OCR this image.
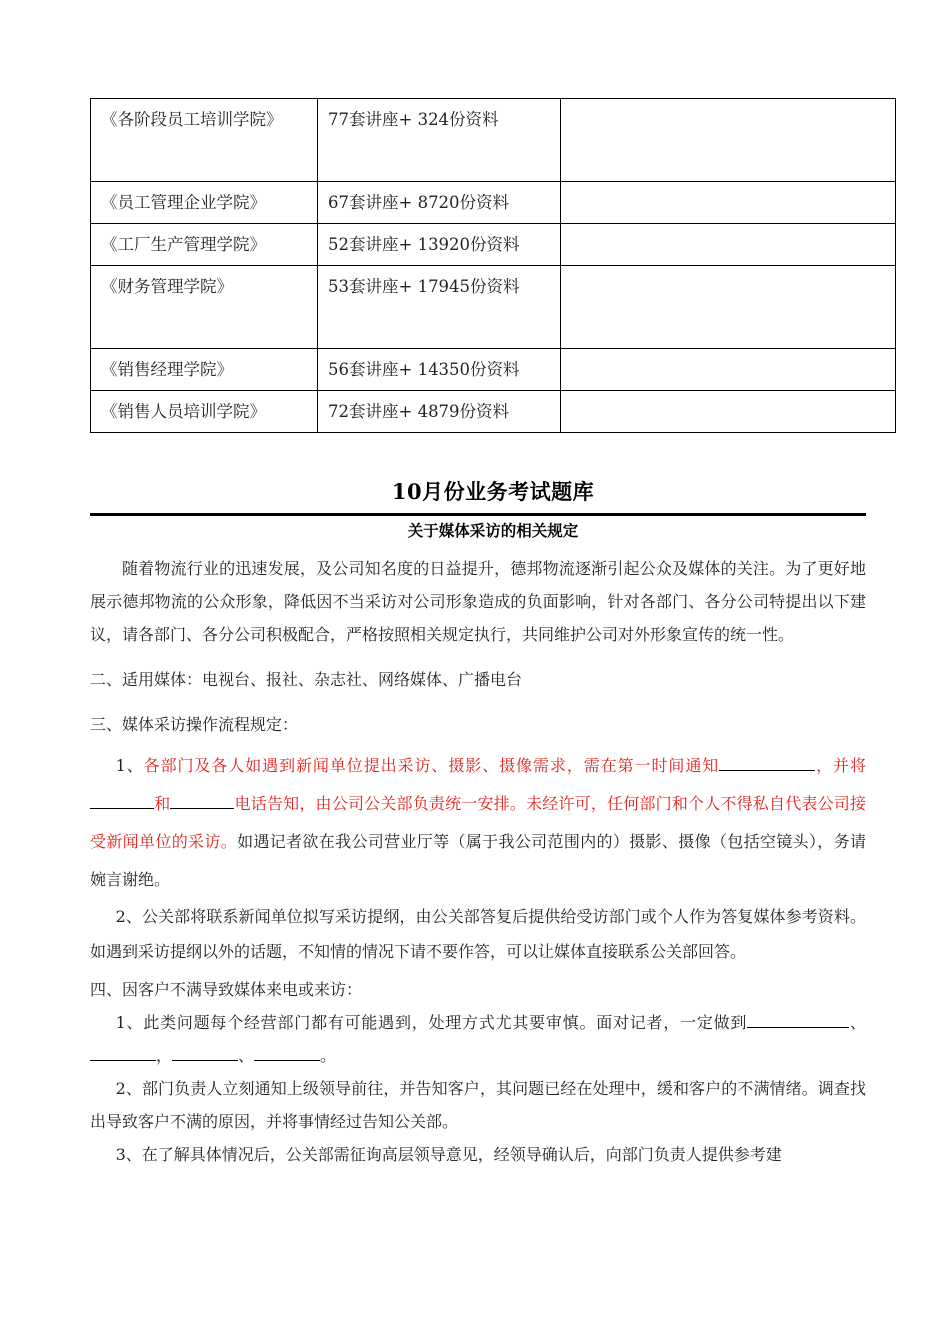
《各阶段员工培训学院》	77套讲座+ 324份资料	
《员工管理企业学院》	67套讲座+ 8720份资料	
《工厂生产管理学院》	52套讲座+ 13920份资料	
《财务管理学院》	53套讲座+ 17945份资料	
《销售经理学院》	56套讲座+ 14350份资料	
《销售人员培训学院》	72套讲座+ 4879份资料	
10月份业务考试题库
关于媒体采访的相关规定

随着物流行业的迅速发展，及公司知名度的日益提升，德邦物流逐渐引起公众及媒体的关注。为了更好地展示德邦物流的公众形象，降低因不当采访对公司形象造成的负面影响，针对各部门、各分公司特提出以下建议，请各部门、各分公司积极配合，严格按照相关规定执行，共同维护公司对外形象宣传的统一性。

二、适用媒体：电视台、报社、杂志社、网络媒体、广播电台

三、媒体采访操作流程规定：

1、各部门及各人如遇到新闻单位提出采访、摄影、摄像需求，需在第一时间通知	，并将和	电话告知，由公司公关部负责统一安排。未经许可，任何部门和个人不得私自代表公司接受新闻单位的采访。如遇记者欲在我公司营业厅等（属于我公司范围内的）摄影、摄像（包括空镜头），务请婉言谢绝。

2、公关部将联系新闻单位拟写采访提纲，由公关部答复后提供给受访部门或个人作为答复媒体参考资料。如遇到采访提纲以外的话题，不知情的情况下请不要作答，可以让媒体直接联系公关部回答。

四、因客户不满导致媒体来电或来访：

1、此类问题每个经营部门都有可能遇到，处理方式尤其要审慎。面对记者，一定做到	、，	、	。

2、部门负责人立刻通知上级领导前往，并告知客户，其问题已经在处理中，缓和客户的不满情绪。调查找出导致客户不满的原因，并将事情经过告知公关部。

3、在了解具体情况后，公关部需征询高层领导意见，经领导确认后，向部门负责人提供参考建
